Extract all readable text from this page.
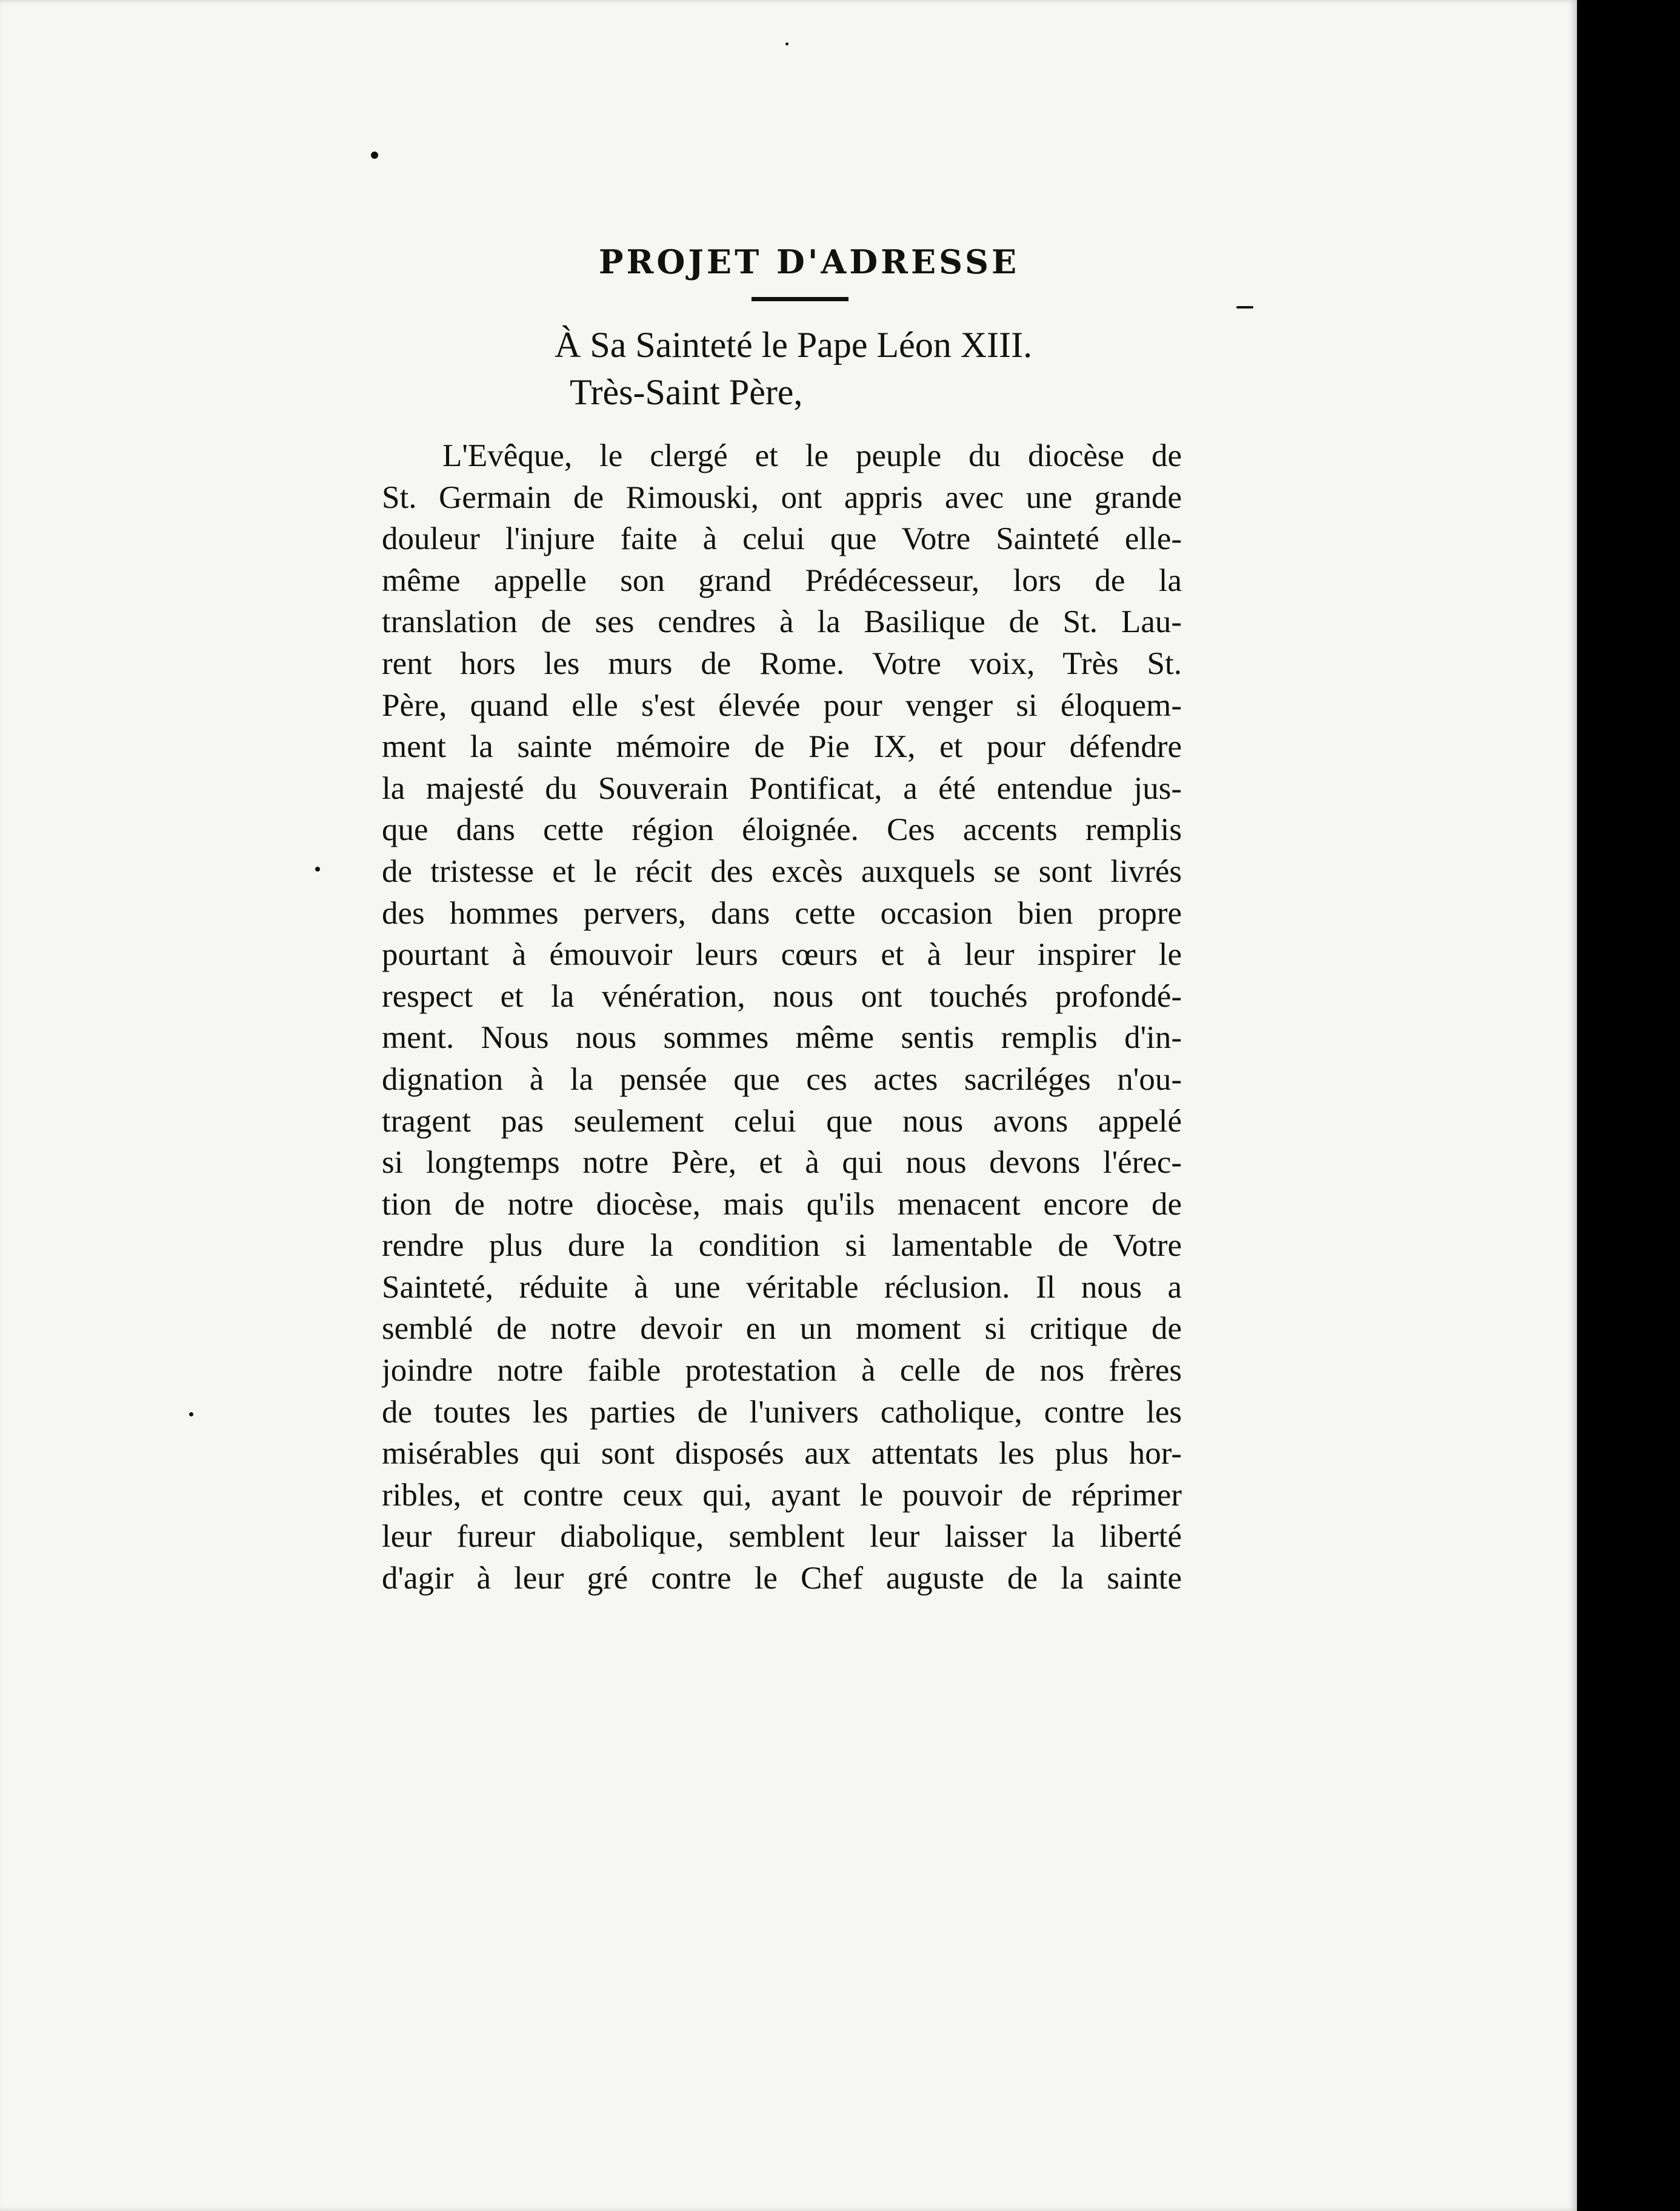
PROJET D'ADRESSE
À Sa Sainteté le Pape Léon XIII.
Très-Saint Père,
L'Evêque, le clergé et le peuple du diocèse de
St. Germain de Rimouski, ont appris avec une grande
douleur l'injure faite à celui que Votre Sainteté elle-
même appelle son grand Prédécesseur, lors de la
translation de ses cendres à la Basilique de St. Lau-
rent hors les murs de Rome. Votre voix, Très St.
Père, quand elle s'est élevée pour venger si éloquem-
ment la sainte mémoire de Pie IX, et pour défendre
la majesté du Souverain Pontificat, a été entendue jus-
que dans cette région éloignée. Ces accents remplis
de tristesse et le récit des excès auxquels se sont livrés
des hommes pervers, dans cette occasion bien propre
pourtant à émouvoir leurs cœurs et à leur inspirer le
respect et la vénération, nous ont touchés profondé-
ment. Nous nous sommes même sentis remplis d'in-
dignation à la pensée que ces actes sacriléges n'ou-
tragent pas seulement celui que nous avons appelé
si longtemps notre Père, et à qui nous devons l'érec-
tion de notre diocèse, mais qu'ils menacent encore de
rendre plus dure la condition si lamentable de Votre
Sainteté, réduite à une véritable réclusion. Il nous a
semblé de notre devoir en un moment si critique de
joindre notre faible protestation à celle de nos frères
de toutes les parties de l'univers catholique, contre les
misérables qui sont disposés aux attentats les plus hor-
ribles, et contre ceux qui, ayant le pouvoir de réprimer
leur fureur diabolique, semblent leur laisser la liberté
d'agir à leur gré contre le Chef auguste de la sainte
